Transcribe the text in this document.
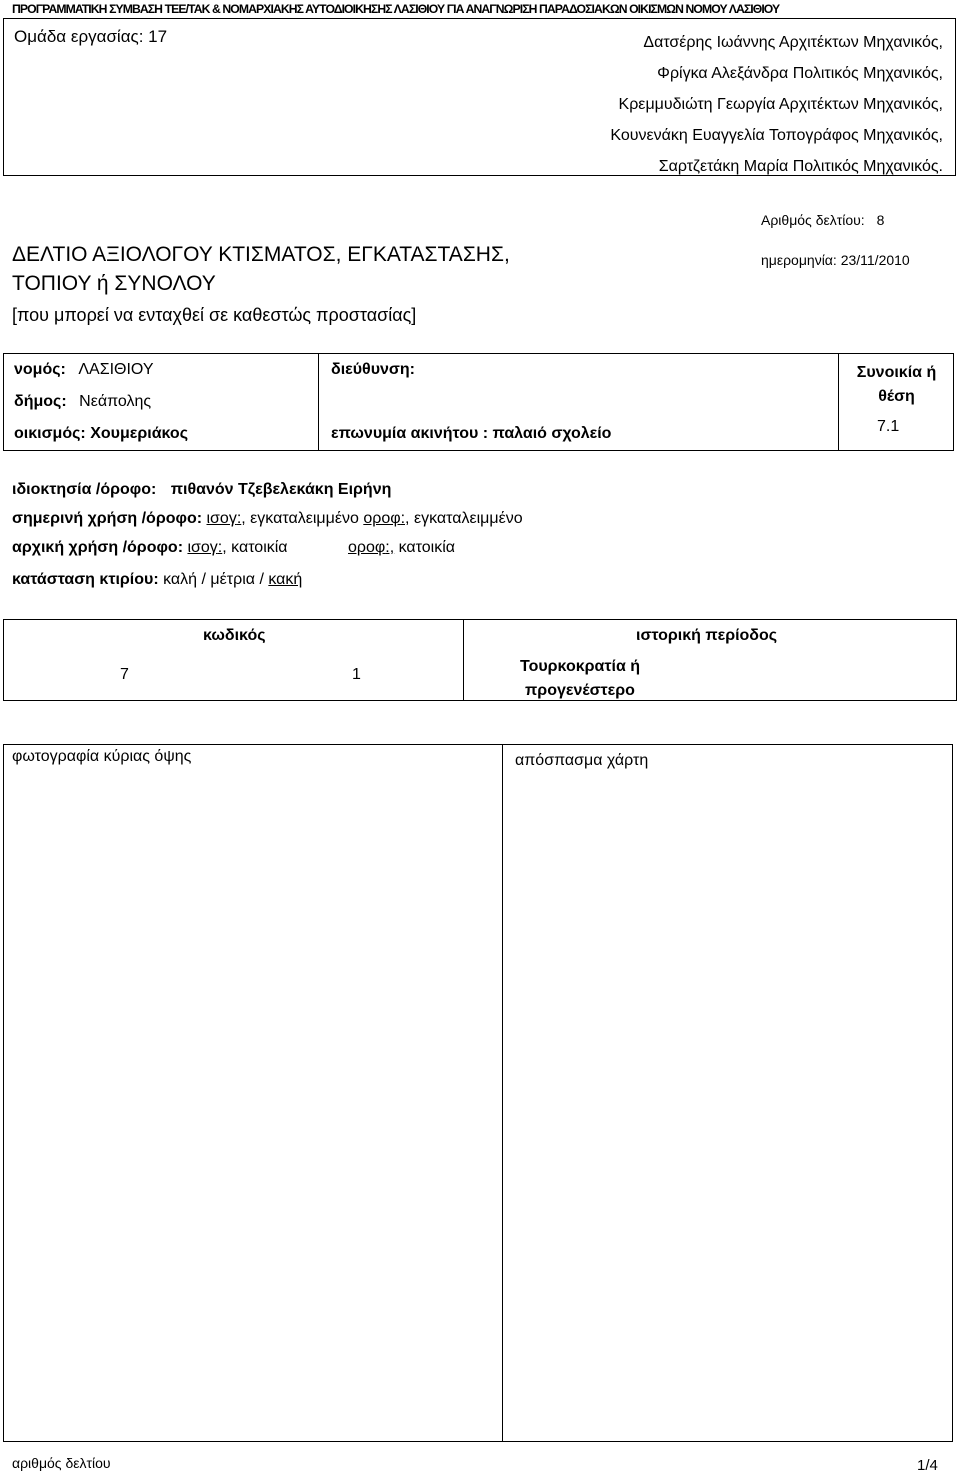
ΠΡΟΓΡΑΜΜΑΤΙΚΗ ΣΥΜΒΑΣΗ ΤΕΕ/ΤΑΚ & ΝΟΜΑΡΧΙΑΚΗΣ ΑΥΤΟΔΙΟΙΚΗΣΗΣ ΛΑΣΙΘΙΟΥ ΓΙΑ ΑΝΑΓΝΩΡΙΣΗ ΠΑΡΑΔΟΣΙΑΚΩΝ ΟΙΚΙΣΜΩΝ ΝΟΜΟΥ ΛΑΣΙΘΙΟΥ
Ομάδα εργασίας: 17	Δατσέρης Ιωάννης Αρχιτέκτων Μηχανικός,
Φρίγκα Αλεξάνδρα Πολιτικός Μηχανικός,
Κρεμμυδιώτη Γεωργία Αρχιτέκτων Μηχανικός,
Κουνενάκη Ευαγγελία Τοπογράφος Μηχανικός,
Σαρτζετάκη Μαρία Πολιτικός Μηχανικός.
ΔΕΛΤΙΟ ΑΞΙΟΛΟΓΟΥ ΚΤΙΣΜΑΤΟΣ, ΕΓΚΑΤΑΣΤΑΣΗΣ,
ΤΟΠΙΟΥ ή ΣΥΝΟΛΟΥ
[που μπορεί να ενταχθεί σε καθεστώς προστασίας]
Αριθμός δελτίου: 8
ημερομηνία: 23/11/2010
νομός: ΛΑΣΙΘΙΟΥ
δήμος: Νεάπολης
οικισμός: Χουμεριάκος
διεύθυνση:
επωνυμία ακινήτου : παλαιό σχολείο
Συνοικία ή
θέση
7.1
ιδιοκτησία /όροφο: πιθανόν Τζεβελεκάκη Ειρήνη
σημερινή χρήση /όροφο: ισογ:, εγκαταλειμμένο οροφ:, εγκαταλειμμένο
αρχική χρήση /όροφο: ισογ:, κατοικία	οροφ:, κατοικία
κατάσταση κτιρίου: καλή / μέτρια / κακή
κωδικός
7	1
ιστορική περίοδος
Τουρκοκρατία ή
προγενέστερο
φωτογραφία κύριας όψης	απόσπασμα χάρτη
αριθμός δελτίου	1/4
